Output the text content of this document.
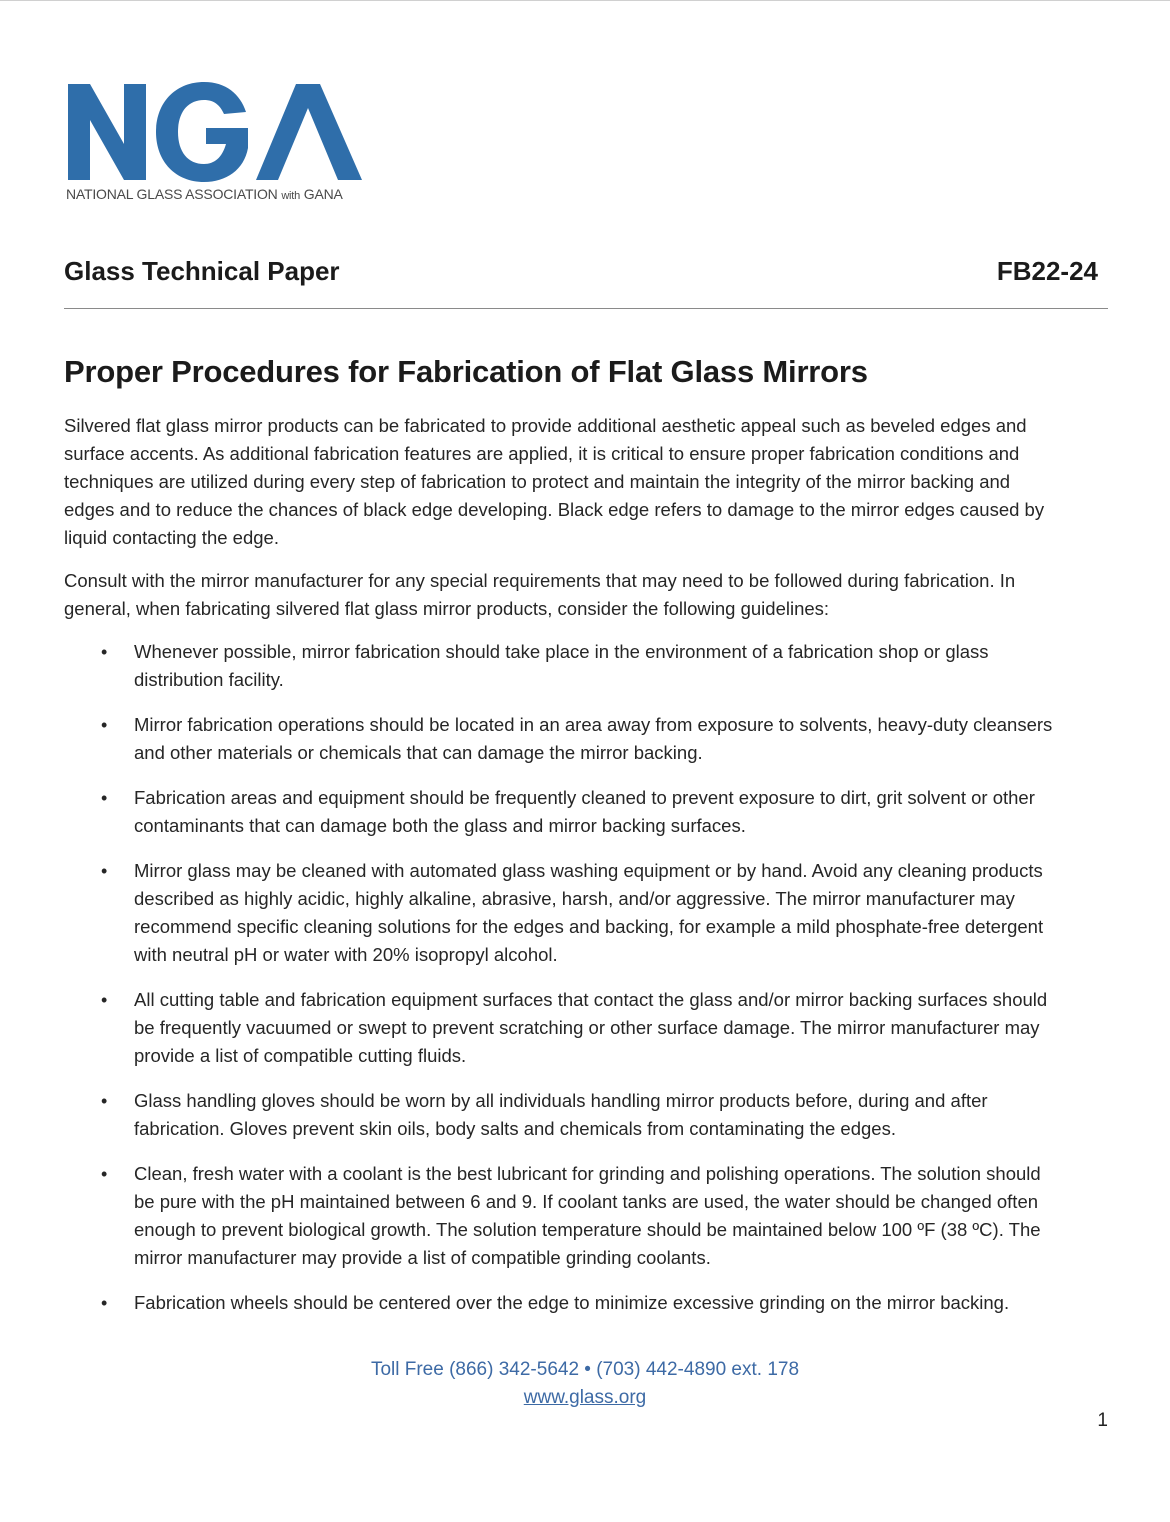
NATIONAL GLASS ASSOCIATION with GANA
Glass Technical Paper	FB22-24
Proper Procedures for Fabrication of Flat Glass Mirrors

Silvered flat glass mirror products can be fabricated to provide additional aesthetic appeal such as beveled edges and surface accents. As additional fabrication features are applied, it is critical to ensure proper fabrication conditions and techniques are utilized during every step of fabrication to protect and maintain the integrity of the mirror backing and edges and to reduce the chances of black edge developing. Black edge refers to damage to the mirror edges caused by liquid contacting the edge.

Consult with the mirror manufacturer for any special requirements that may need to be followed during fabrication. In general, when fabricating silvered flat glass mirror products, consider the following guidelines:

• Whenever possible, mirror fabrication should take place in the environment of a fabrication shop or glass distribution facility.
• Mirror fabrication operations should be located in an area away from exposure to solvents, heavy-duty cleansers and other materials or chemicals that can damage the mirror backing.
• Fabrication areas and equipment should be frequently cleaned to prevent exposure to dirt, grit solvent or other contaminants that can damage both the glass and mirror backing surfaces.
• Mirror glass may be cleaned with automated glass washing equipment or by hand. Avoid any cleaning products described as highly acidic, highly alkaline, abrasive, harsh, and/or aggressive. The mirror manufacturer may recommend specific cleaning solutions for the edges and backing, for example a mild phosphate-free detergent with neutral pH or water with 20% isopropyl alcohol.
• All cutting table and fabrication equipment surfaces that contact the glass and/or mirror backing surfaces should be frequently vacuumed or swept to prevent scratching or other surface damage. The mirror manufacturer may provide a list of compatible cutting fluids.
• Glass handling gloves should be worn by all individuals handling mirror products before, during and after fabrication. Gloves prevent skin oils, body salts and chemicals from contaminating the edges.
• Clean, fresh water with a coolant is the best lubricant for grinding and polishing operations. The solution should be pure with the pH maintained between 6 and 9. If coolant tanks are used, the water should be changed often enough to prevent biological growth. The solution temperature should be maintained below 100 ºF (38 ºC). The mirror manufacturer may provide a list of compatible grinding coolants.
• Fabrication wheels should be centered over the edge to minimize excessive grinding on the mirror backing.
Toll Free (866) 342-5642 • (703) 442-4890 ext. 178
www.glass.org
1
